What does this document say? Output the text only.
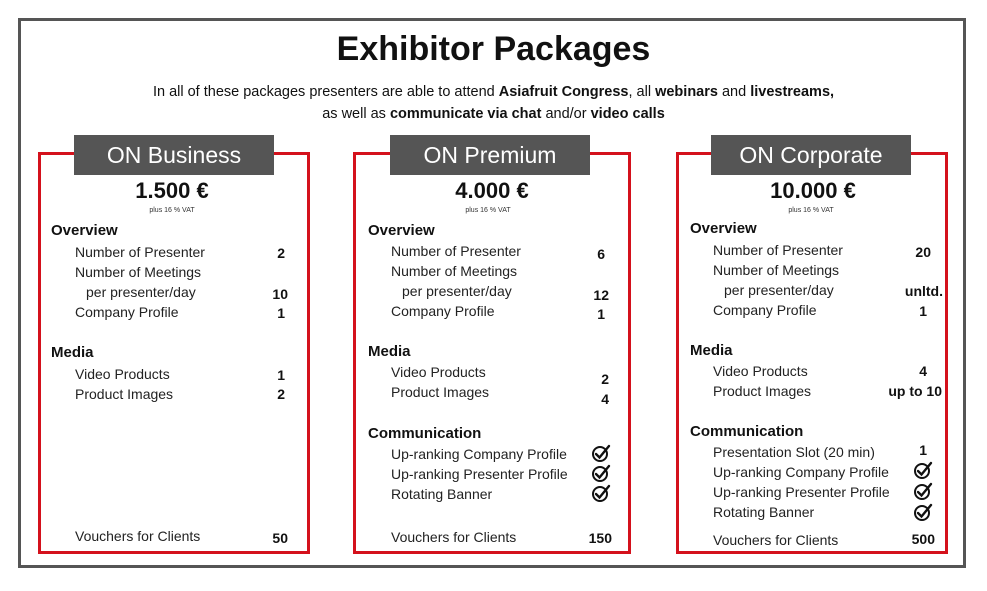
Exhibitor Packages
In all of these packages presenters are able to attend Asiafruit Congress, all webinars and livestreams,
as well as communicate via chat and/or video calls
ON Business
1.500 €
plus 16 % VAT
Overview
Number of Presenter	2
Number of Meetings
per presenter/day	10
Company Profile	1
Media
Video Products	1
Product Images	2
Vouchers for Clients	50
ON Premium
4.000 €
plus 16 % VAT
Overview
Number of Presenter	6
Number of Meetings
per presenter/day	12
Company Profile	1
Media
Video Products	2
Product Images	4
Communication
Up-ranking Company Profile
Up-ranking Presenter Profile
Rotating Banner
Vouchers for Clients	150
ON Corporate
10.000 €
plus 16 % VAT
Overview
Number of Presenter	20
Number of Meetings
per presenter/day	unltd.
Company Profile	1
Media
Video Products	4
Product Images	up to 10
Communication
Presentation Slot (20 min)	1
Up-ranking Company Profile
Up-ranking Presenter Profile
Rotating Banner
Vouchers for Clients	500
